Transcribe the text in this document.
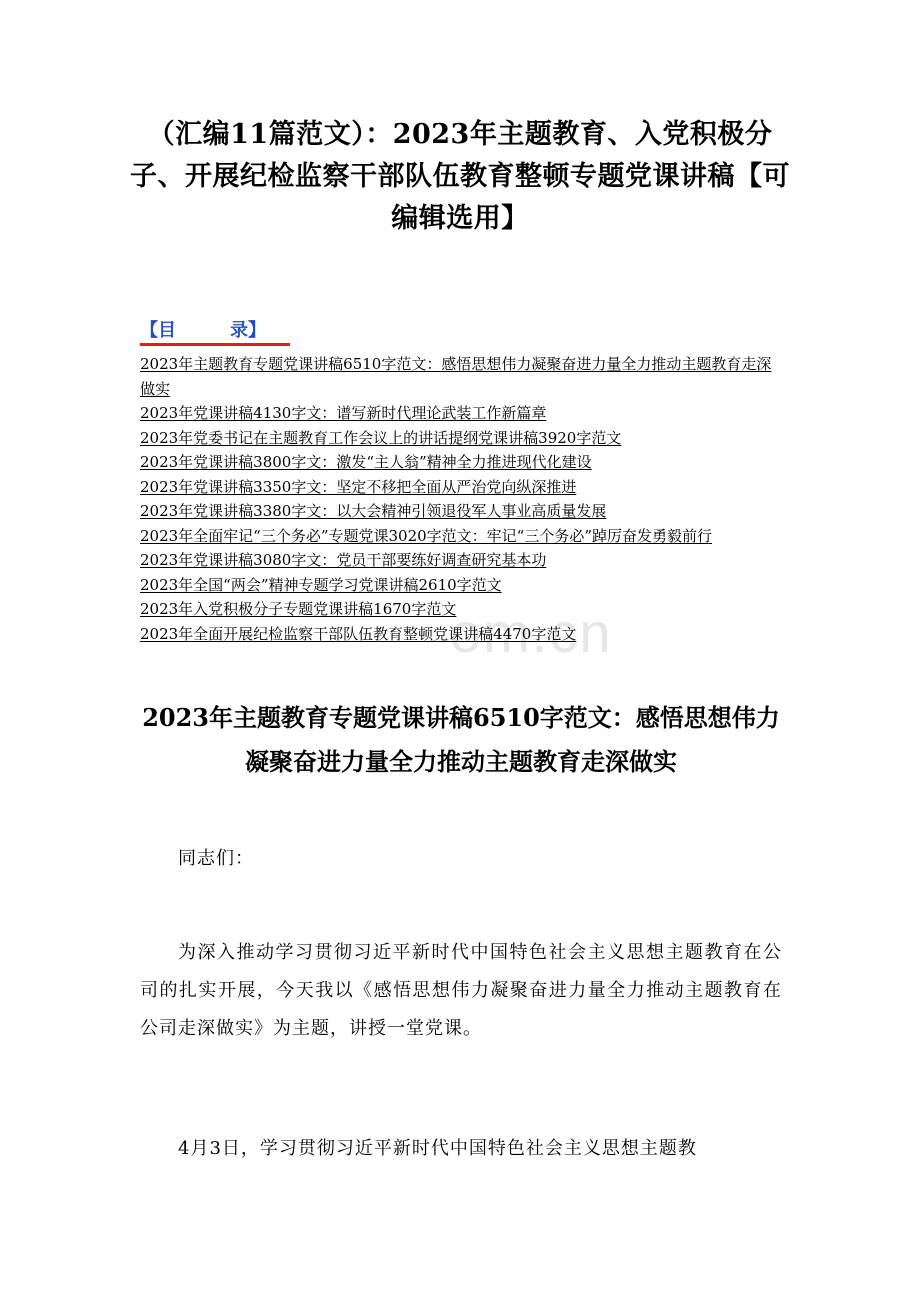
om.cn
（汇编11篇范文）：2023年主题教育、入党积极分子、开展纪检监察干部队伍教育整顿专题党课讲稿【可编辑选用】
【目　　　录】
2023年主题教育专题党课讲稿6510字范文：感悟思想伟力凝聚奋进力量全力推动主题教育走深做实
2023年党课讲稿4130字文：谱写新时代理论武装工作新篇章
2023年党委书记在主题教育工作会议上的讲话提纲党课讲稿3920字范文
2023年党课讲稿3800字文：激发“主人翁”精神全力推进现代化建设
2023年党课讲稿3350字文：坚定不移把全面从严治党向纵深推进
2023年党课讲稿3380字文：以大会精神引领退役军人事业高质量发展
2023年全面牢记“三个务必”专题党课3020字范文：牢记“三个务必”踔厉奋发勇毅前行
2023年党课讲稿3080字文：党员干部要练好调查研究基本功
2023年全国“两会”精神专题学习党课讲稿2610字范文
2023年入党积极分子专题党课讲稿1670字范文
2023年全面开展纪检监察干部队伍教育整顿党课讲稿4470字范文
2023年主题教育专题党课讲稿6510字范文：感悟思想伟力凝聚奋进力量全力推动主题教育走深做实

同志们：

为深入推动学习贯彻习近平新时代中国特色社会主义思想主题教育在公司的扎实开展，今天我以《感悟思想伟力凝聚奋进力量全力推动主题教育在公司走深做实》为主题，讲授一堂党课。

4月3日，学习贯彻习近平新时代中国特色社会主义思想主题教
